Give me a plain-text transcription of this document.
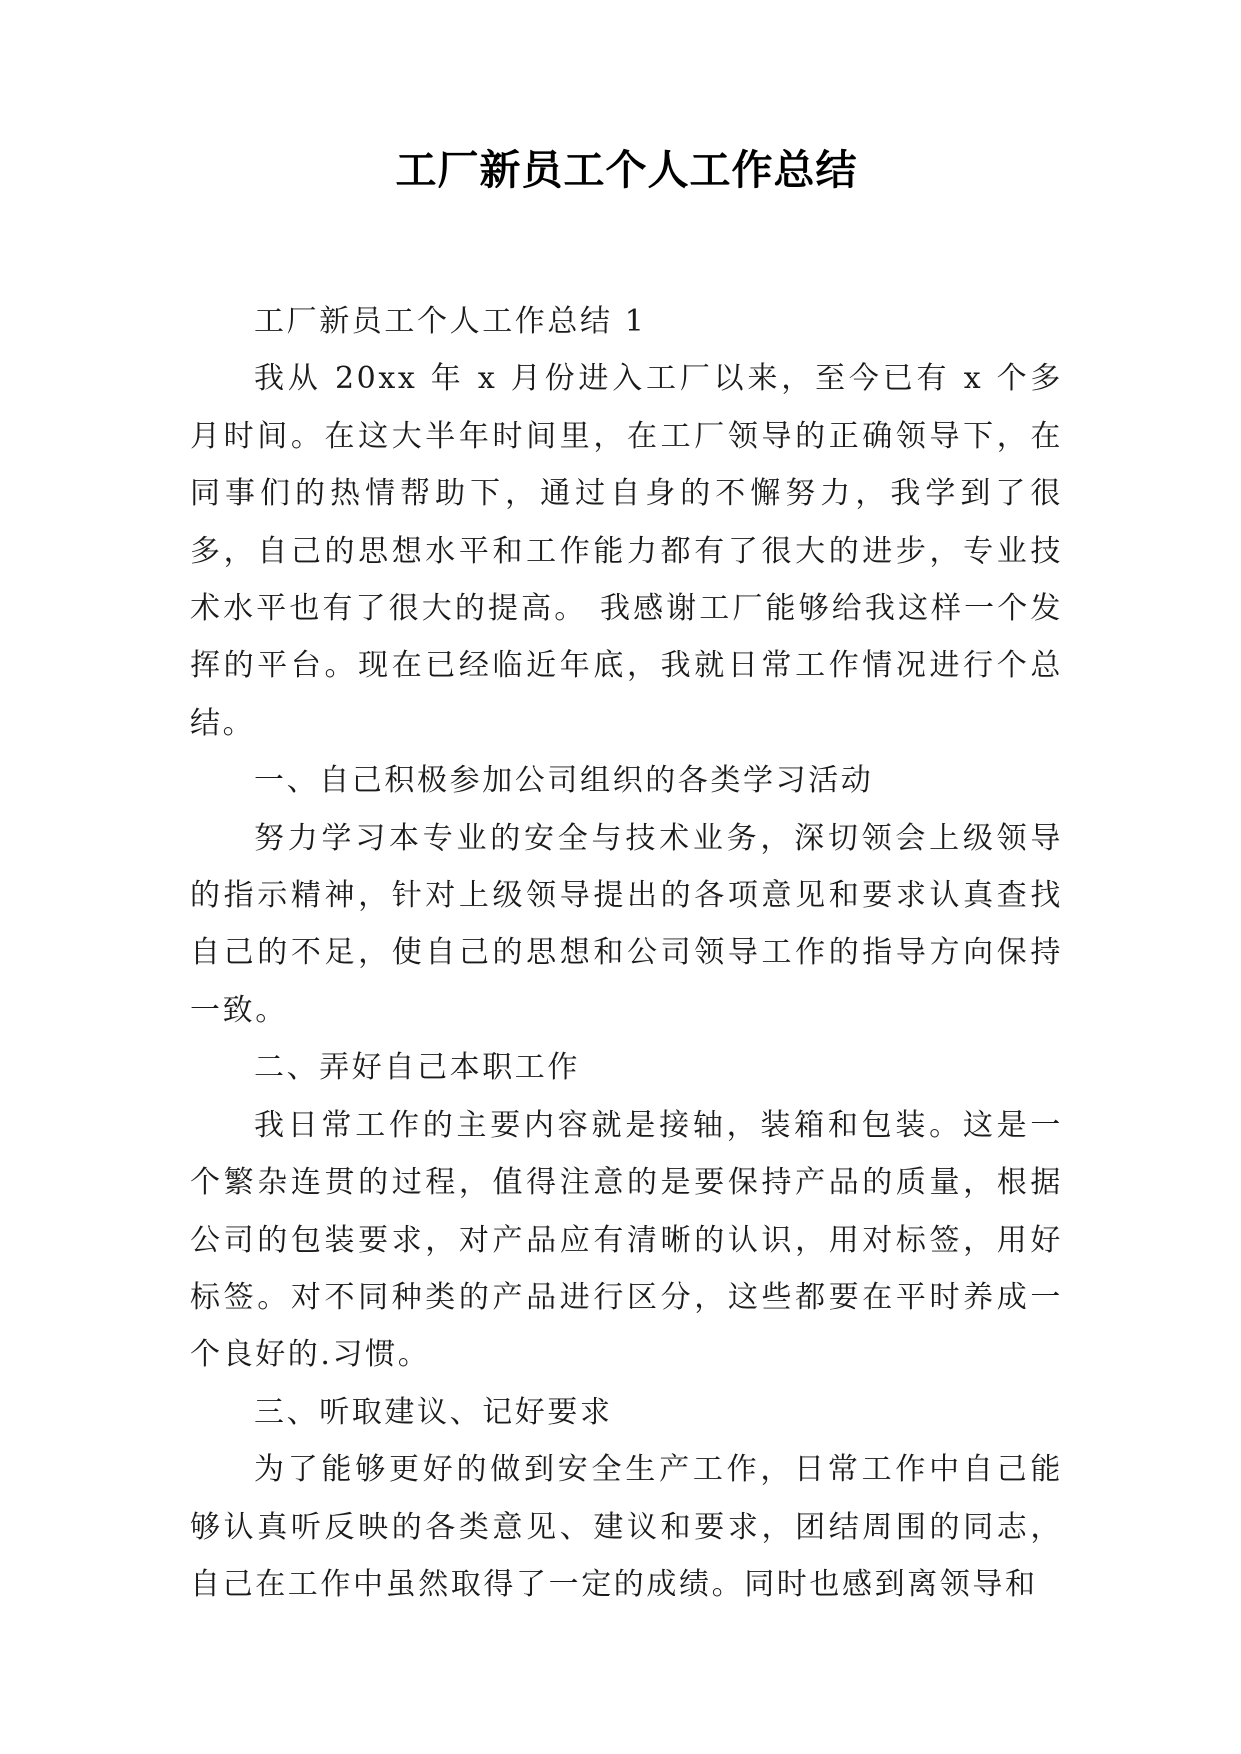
工厂新员工个人工作总结

工厂新员工个人工作总结 1

我从 20xx 年 x 月份进入工厂以来，至今已有 x 个多月时间。在这大半年时间里，在工厂领导的正确领导下，在同事们的热情帮助下，通过自身的不懈努力，我学到了很多，自己的思想水平和工作能力都有了很大的进步，专业技术水平也有了很大的提高。 我感谢工厂能够给我这样一个发挥的平台。现在已经临近年底，我就日常工作情况进行个总结。

一、自己积极参加公司组织的各类学习活动

努力学习本专业的安全与技术业务，深切领会上级领导的指示精神，针对上级领导提出的各项意见和要求认真查找自己的不足，使自己的思想和公司领导工作的指导方向保持一致。

二、弄好自己本职工作

我日常工作的主要内容就是接轴，装箱和包装。这是一个繁杂连贯的过程，值得注意的是要保持产品的质量，根据公司的包装要求，对产品应有清晰的认识，用对标签，用好标签。对不同种类的产品进行区分，这些都要在平时养成一个良好的.习惯。

三、听取建议、记好要求

为了能够更好的做到安全生产工作，日常工作中自己能够认真听反映的各类意见、建议和要求，团结周围的同志，自己在工作中虽然取得了一定的成绩。同时也感到离领导和
